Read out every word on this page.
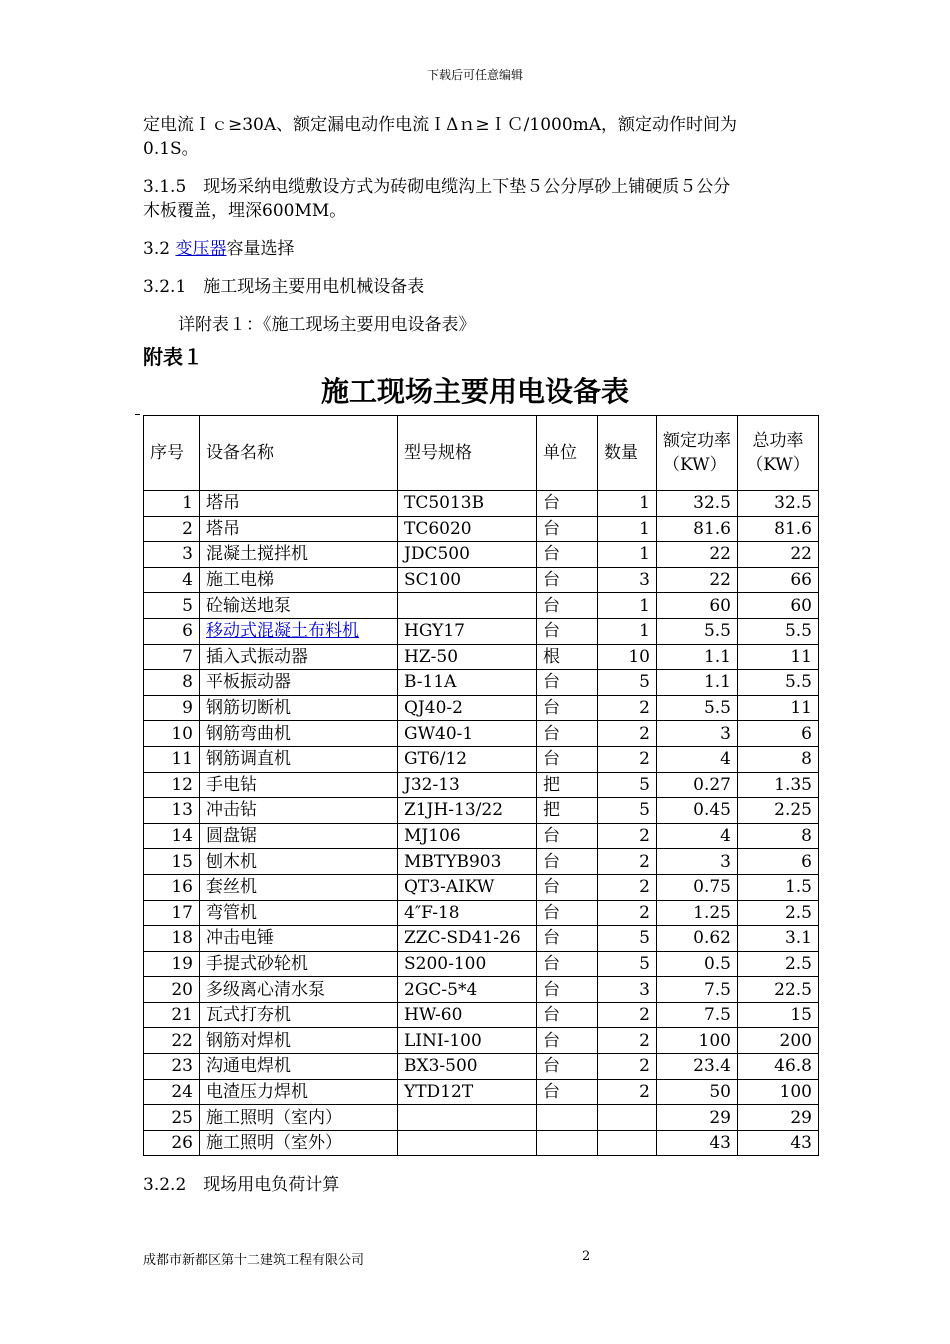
下载后可任意编辑

定电流Ｉｃ≥30A、额定漏电动作电流ＩΔｎ≥ＩＣ/1000mA，额定动作时间为

0.1S。

3.1.5　现场采纳电缆敷设方式为砖砌电缆沟上下垫５公分厚砂上铺硬质５公分

木板覆盖，埋深600MM。

3.2 变压器容量选择

3.2.1　施工现场主要用电机械设备表

详附表１：《施工现场主要用电设备表》

附表１
施工现场主要用电设备表
序号	设备名称	型号规格	单位	数量	额定功率（KW）	总功率（KW）
1	塔吊	TC5013B	台	1	32.5	32.5
2	塔吊	TC6020	台	1	81.6	81.6
3	混凝土搅拌机	JDC500	台	1	22	22
4	施工电梯	SC100	台	3	22	66
5	砼输送地泵		台	1	60	60
6	移动式混凝土布料机	HGY17	台	1	5.5	5.5
7	插入式振动器	HZ-50	根	10	1.1	11
8	平板振动器	B-11A	台	5	1.1	5.5
9	钢筋切断机	QJ40-2	台	2	5.5	11
10	钢筋弯曲机	GW40-1	台	2	3	6
11	钢筋调直机	GT6/12	台	2	4	8
12	手电钻	J32-13	把	5	0.27	1.35
13	冲击钻	Z1JH-13/22	把	5	0.45	2.25
14	圆盘锯	MJ106	台	2	4	8
15	刨木机	MBTYB903	台	2	3	6
16	套丝机	QT3-AIKW	台	2	0.75	1.5
17	弯管机	4″F-18	台	2	1.25	2.5
18	冲击电锤	ZZC-SD41-26	台	5	0.62	3.1
19	手提式砂轮机	S200-100	台	5	0.5	2.5
20	多级离心清水泵	2GC-5*4	台	3	7.5	22.5
21	瓦式打夯机	HW-60	台	2	7.5	15
22	钢筋对焊机	LINI-100	台	2	100	200
23	沟通电焊机	BX3-500	台	2	23.4	46.8
24	电渣压力焊机	YTD12T	台	2	50	100
25	施工照明（室内）				29	29
26	施工照明（室外）				43	43

3.2.2　现场用电负荷计算

成都市新都区第十二建筑工程有限公司	2
